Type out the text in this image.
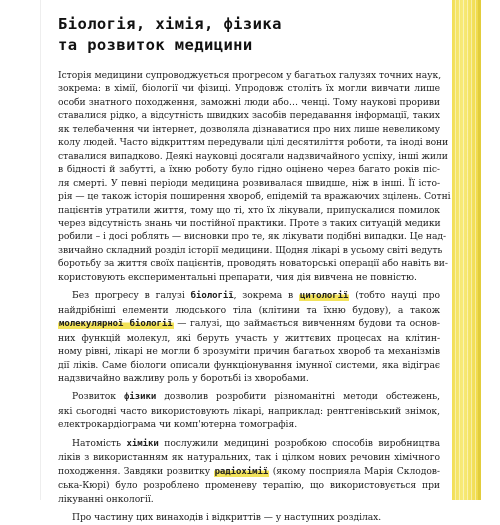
Біологія, хімія, фізика
та розвиток медицини

Історія медицини супроводжується прогресом у багатьох галузях точних наук,
зокрема: в хімії, біології чи фізиці. Упродовж століть їх могли вивчати лише
особи знатного походження, заможні люди або… ченці. Тому наукові прориви
ставалися рідко, а відсутність швидких засобів передавання інформації, таких
як телебачення чи інтернет, дозволяла дізнаватися про них лише невеликому
колу людей. Часто відкриттям передували цілі десятиліття роботи, та іноді вони
ставалися випадково. Деякі науковці досягали надзвичайного успіху, інші жили
в бідності й забутті, а їхню роботу було гідно оцінено через багато років піс-
ля смерті. У певні періоди медицина розвивалася швидше, ніж в інші. Її істо-
рія — це також історія поширення хвороб, епідемій та вражаючих зцілень. Сотні
пацієнтів утратили життя, тому що ті, хто їх лікували, припускалися помилок
через відсутність знань чи постійної практики. Проте з таких ситуацій медики
робили – і досі роблять — висновки про те, як лікувати подібні випадки. Це над-
звичайно складний розділ історії медицини. Щодня лікарі в усьому світі ведуть
боротьбу за життя своїх пацієнтів, проводять новаторські операції або навіть ви-
користовують експериментальні препарати, чия дія вивчена не повністю.

Без прогресу в галузі біології, зокрема в цитології (тобто науці про
найдрібніші елементи людського тіла (клітини та їхню будову), а також
молекулярної біології — галузі, що займається вивченням будови та основ-
них функцій молекул, які беруть участь у життєвих процесах на клітин-
ному рівні, лікарі не могли б зрозуміти причин багатьох хвороб та механізмів
дії ліків. Саме біологи описали функціонування імунної системи, яка відіграє
надзвичайно важливу роль у боротьбі із хворобами.

Розвиток фізики дозволив розробити різноманітні методи обстежень,
які сьогодні часто використовують лікарі, наприклад: рентгенівський знімок,
електрокардіограма чи комп'ютерна томографія.

Натомість хіміки послужили медицині розробкою способів виробництва
ліків з використанням як натуральних, так і цілком нових речовин хімічного
походження. Завдяки розвитку радіохімії (якому посприяла Марія Склодов-
ська-Кюрі) було розроблено променеву терапію, що використовується при
лікуванні онкології.

Про частину цих винаходів і відкриттів — у наступних розділах.
